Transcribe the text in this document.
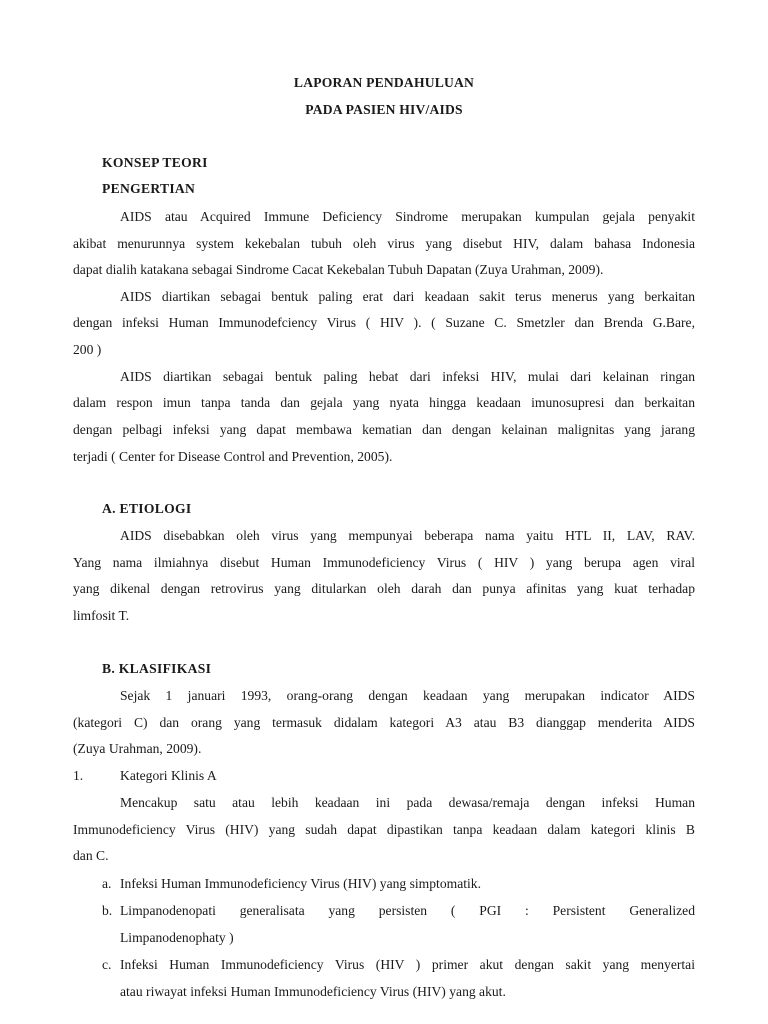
LAPORAN PENDAHULUAN
PADA PASIEN HIV/AIDS
KONSEP TEORI
PENGERTIAN
AIDS atau Acquired Immune Deficiency Sindrome merupakan kumpulan gejala penyakit
akibat menurunnya system kekebalan tubuh oleh virus yang disebut HIV, dalam bahasa Indonesia
dapat dialih katakana sebagai Sindrome Cacat Kekebalan Tubuh Dapatan (Zuya Urahman, 2009).
AIDS diartikan sebagai bentuk paling erat dari keadaan sakit terus menerus yang berkaitan
dengan infeksi Human Immunodefciency Virus ( HIV ). ( Suzane C. Smetzler dan Brenda G.Bare,
200 )
AIDS diartikan sebagai bentuk paling hebat dari infeksi HIV, mulai dari kelainan ringan
dalam respon imun tanpa tanda dan gejala yang nyata hingga keadaan imunosupresi dan berkaitan
dengan pelbagi infeksi yang dapat membawa kematian dan dengan kelainan malignitas yang jarang
terjadi ( Center for Disease Control and Prevention, 2005).
A. ETIOLOGI
AIDS disebabkan oleh virus yang mempunyai beberapa nama yaitu HTL II, LAV, RAV.
Yang nama ilmiahnya disebut Human Immunodeficiency Virus ( HIV ) yang berupa agen viral
yang dikenal dengan retrovirus yang ditularkan oleh darah dan punya afinitas yang kuat terhadap
limfosit T.
B. KLASIFIKASI
Sejak 1 januari 1993, orang-orang dengan keadaan yang merupakan indicator AIDS
(kategori C) dan orang yang termasuk didalam kategori A3 atau B3 dianggap menderita AIDS
(Zuya Urahman, 2009).
1.	Kategori Klinis A
Mencakup satu atau lebih keadaan ini pada dewasa/remaja dengan infeksi Human
Immunodeficiency Virus (HIV) yang sudah dapat dipastikan tanpa keadaan dalam kategori klinis B
dan C.
a. Infeksi Human Immunodeficiency Virus (HIV) yang simptomatik.
b. Limpanodenopati     generalisata     yang     persisten     (     PGI     :     Persistent     Generalized
Limpanodenophaty )
c. Infeksi Human Immunodeficiency Virus (HIV ) primer akut dengan sakit yang menyertai
atau riwayat infeksi Human Immunodeficiency Virus (HIV) yang akut.
